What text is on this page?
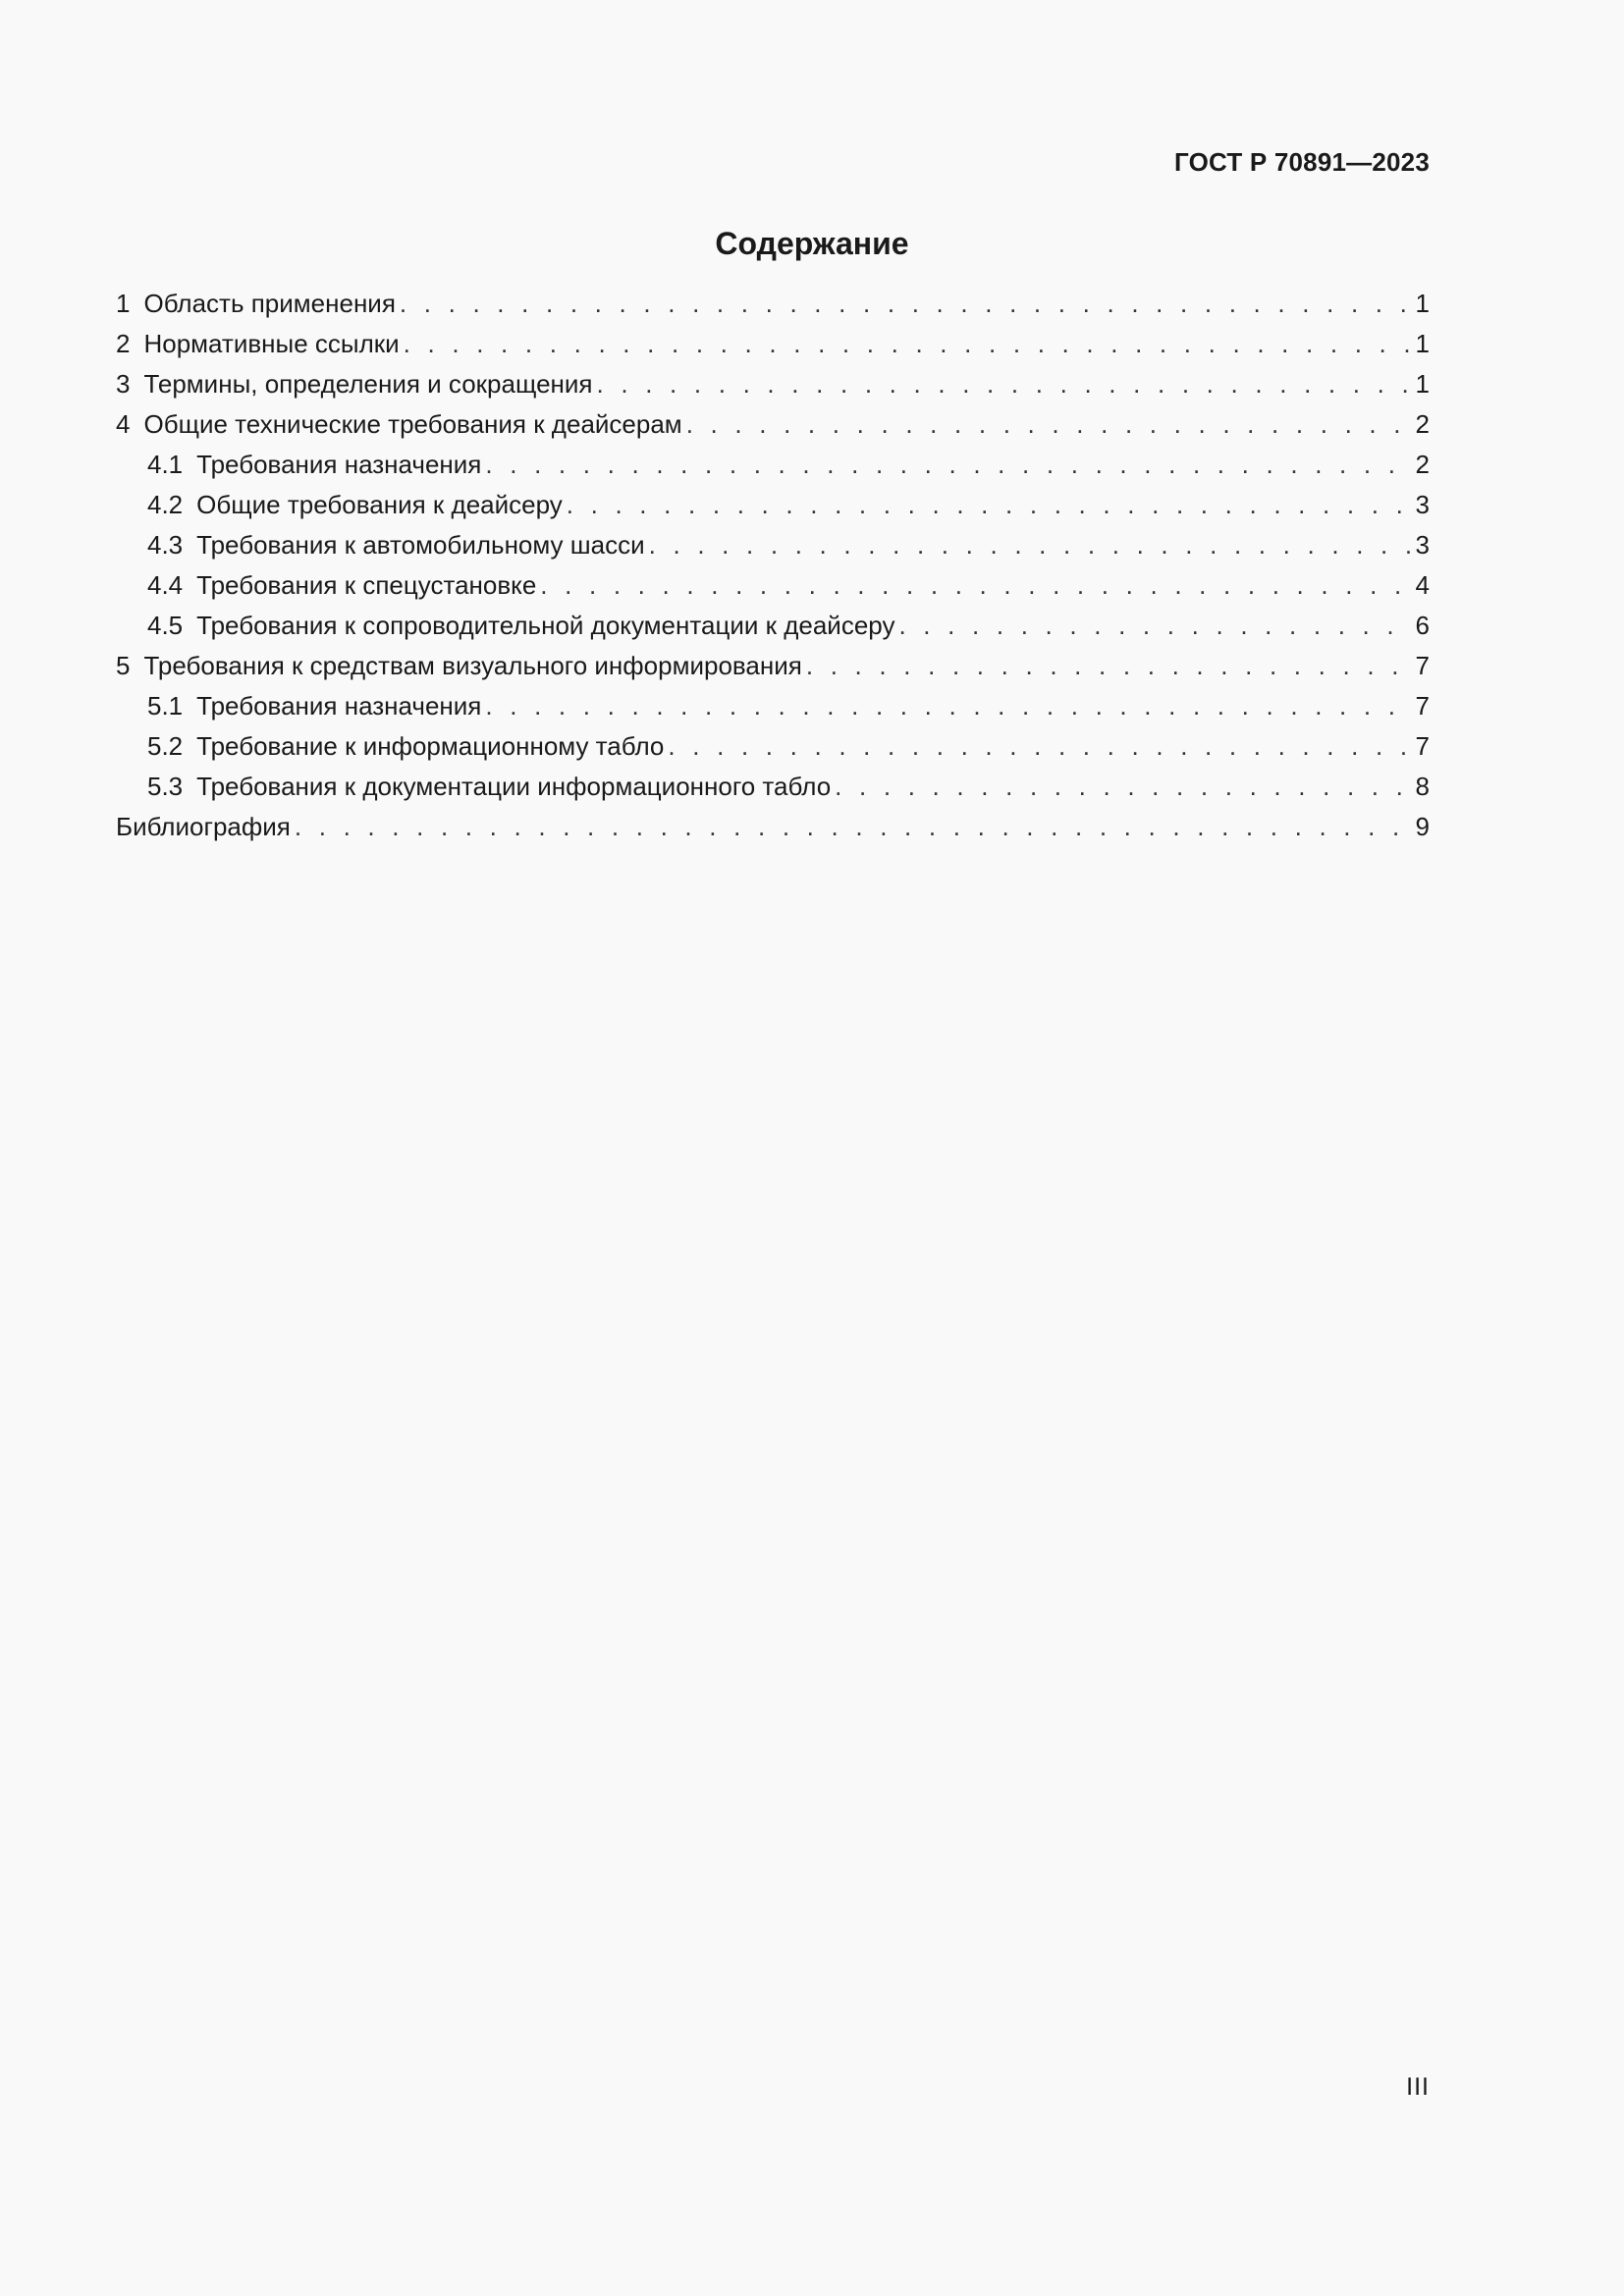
ГОСТ Р 70891—2023
Содержание
1 Область применения . . .	1
2 Нормативные ссылки . . .	1
3 Термины, определения и сокращения . . .	1
4 Общие технические требования к деайсерам . . .	2
4.1 Требования назначения . . .	2
4.2 Общие требования к деайсеру . . .	3
4.3 Требования к автомобильному шасси . . .	3
4.4 Требования к спецустановке . . .	4
4.5 Требования к сопроводительной документации к деайсеру . . .	6
5 Требования к средствам визуального информирования . . .	7
5.1 Требования назначения . . .	7
5.2 Требование к информационному табло . . .	7
5.3 Требования к документации информационного табло . . .	8
Библиография . . .	9
III
